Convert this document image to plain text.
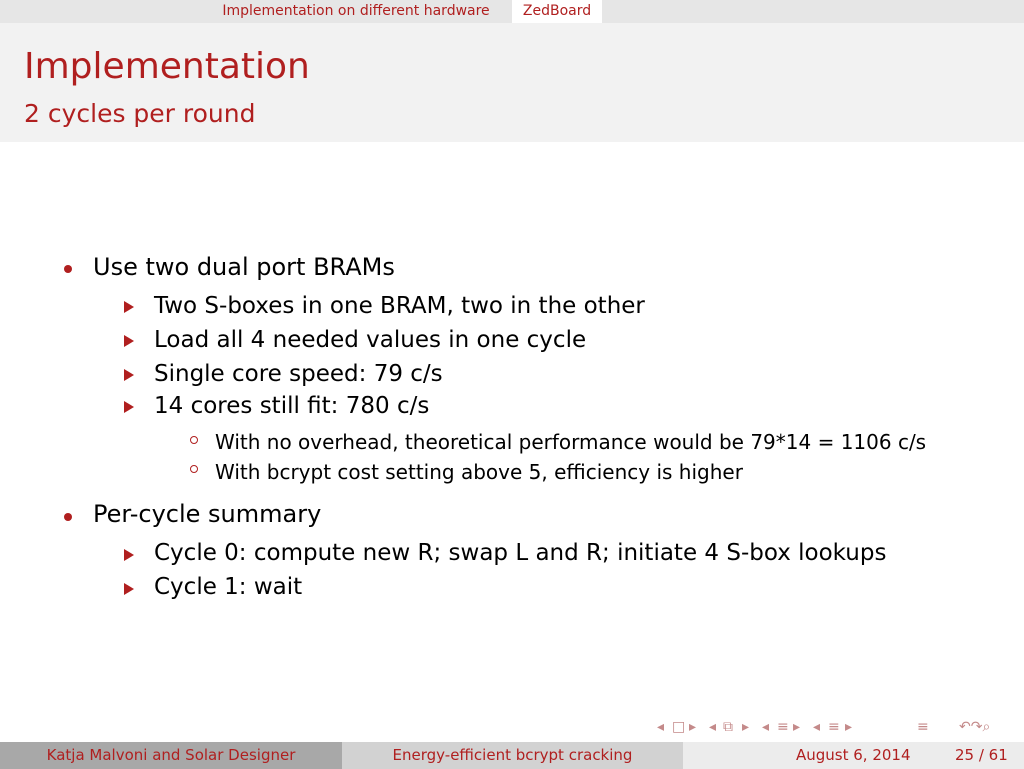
Implementation on different hardware	ZedBoard
Implementation
2 cycles per round
Use two dual port BRAMs
Two S-boxes in one BRAM, two in the other
Load all 4 needed values in one cycle
Single core speed: 79 c/s
14 cores still fit: 780 c/s
With no overhead, theoretical performance would be 79*14 = 1106 c/s
With bcrypt cost setting above 5, efficiency is higher
Per-cycle summary
Cycle 0: compute new R; swap L and R; initiate 4 S-box lookups
Cycle 1: wait
◂ □ ▸ ◂ ⧉ ▸ ◂ ≡ ▸ ◂ ≡ ▸	≡ ↶↷⌕
Katja Malvoni and Solar Designer	Energy-efficient bcrypt cracking	August 6, 2014	25 / 61
